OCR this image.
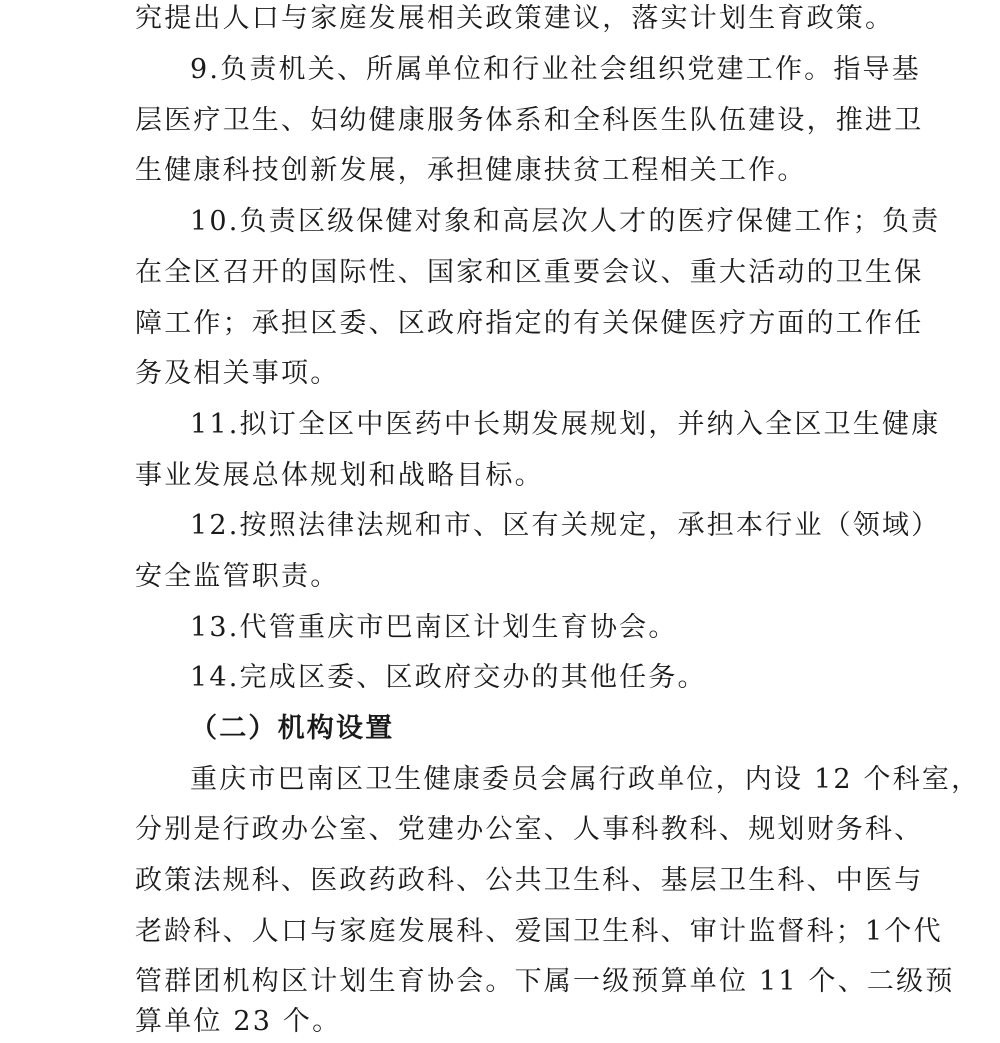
究提出人口与家庭发展相关政策建议，落实计划生育政策。
9.负责机关、所属单位和行业社会组织党建工作。指导基
层医疗卫生、妇幼健康服务体系和全科医生队伍建设，推进卫
生健康科技创新发展，承担健康扶贫工程相关工作。
10.负责区级保健对象和高层次人才的医疗保健工作；负责
在全区召开的国际性、国家和区重要会议、重大活动的卫生保
障工作；承担区委、区政府指定的有关保健医疗方面的工作任
务及相关事项。
11.拟订全区中医药中长期发展规划，并纳入全区卫生健康
事业发展总体规划和战略目标。
12.按照法律法规和市、区有关规定，承担本行业（领域）
安全监管职责。
13.代管重庆市巴南区计划生育协会。
14.完成区委、区政府交办的其他任务。
（二）机构设置
重庆市巴南区卫生健康委员会属行政单位，内设 12 个科室，
分别是行政办公室、党建办公室、人事科教科、规划财务科、
政策法规科、医政药政科、公共卫生科、基层卫生科、中医与
老龄科、人口与家庭发展科、爱国卫生科、审计监督科；1个代
管群团机构区计划生育协会。下属一级预算单位 11 个、二级预
算单位 23 个。
